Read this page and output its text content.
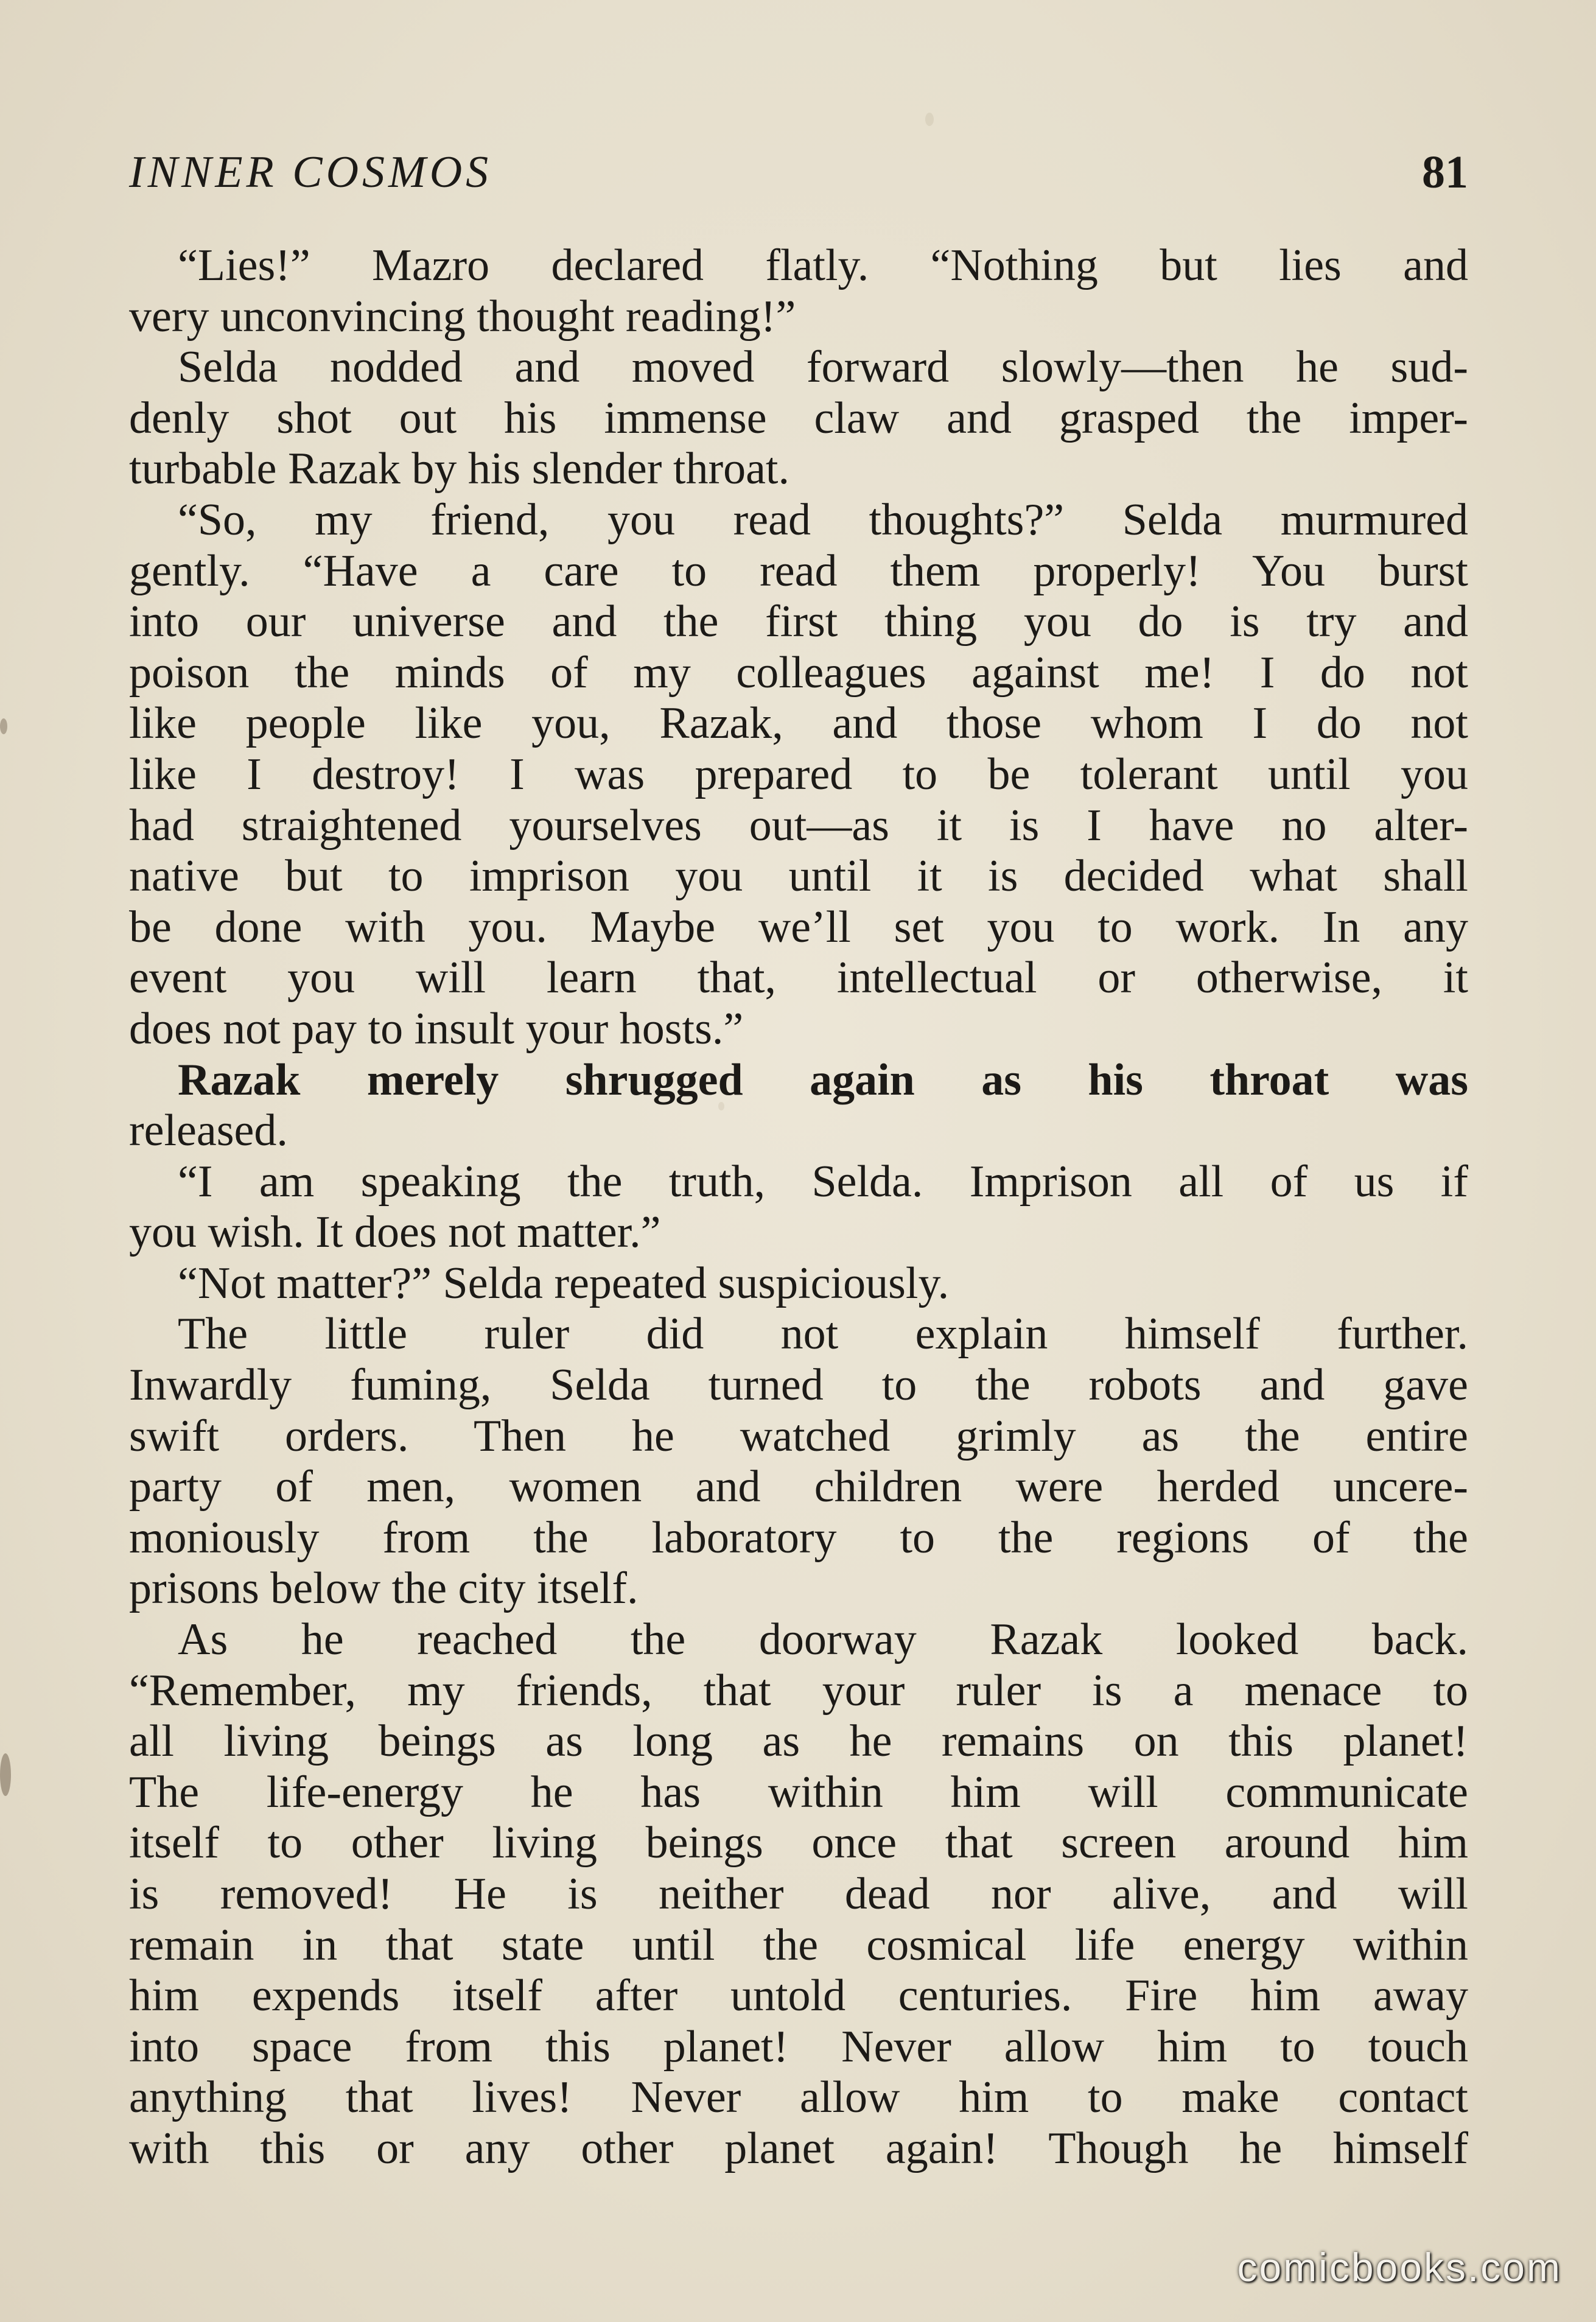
INNER COSMOS	81
“Lies!” Mazro declared flatly. “Nothing but lies and
very unconvincing thought reading!”
Selda nodded and moved forward slowly—then he sud-
denly shot out his immense claw and grasped the imper-
turbable Razak by his slender throat.
“So, my friend, you read thoughts?” Selda murmured
gently. “Have a care to read them properly! You burst
into our universe and the first thing you do is try and
poison the minds of my colleagues against me! I do not
like people like you, Razak, and those whom I do not
like I destroy! I was prepared to be tolerant until you
had straightened yourselves out—as it is I have no alter-
native but to imprison you until it is decided what shall
be done with you. Maybe we’ll set you to work. In any
event you will learn that, intellectual or otherwise, it
does not pay to insult your hosts.”
Razak merely shrugged again as his throat was
released.
“I am speaking the truth, Selda. Imprison all of us if
you wish. It does not matter.”
“Not matter?” Selda repeated suspiciously.
The little ruler did not explain himself further.
Inwardly fuming, Selda turned to the robots and gave
swift orders. Then he watched grimly as the entire
party of men, women and children were herded uncere-
moniously from the laboratory to the regions of the
prisons below the city itself.
As he reached the doorway Razak looked back.
“Remember, my friends, that your ruler is a menace to
all living beings as long as he remains on this planet!
The life-energy he has within him will communicate
itself to other living beings once that screen around him
is removed! He is neither dead nor alive, and will
remain in that state until the cosmical life energy within
him expends itself after untold centuries. Fire him away
into space from this planet! Never allow him to touch
anything that lives! Never allow him to make contact
with this or any other planet again! Though he himself
comicbooks.com
